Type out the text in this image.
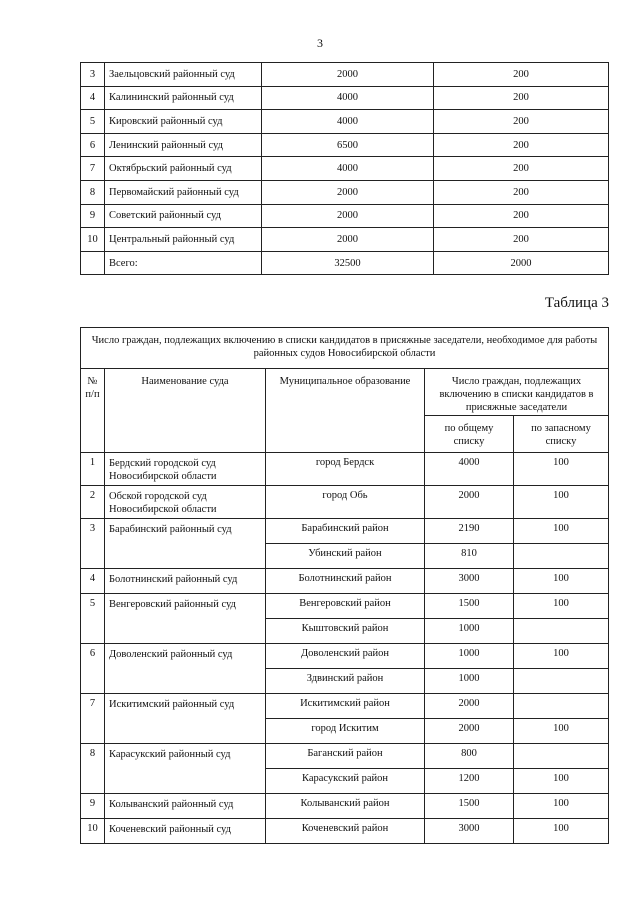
3
3	Заельцовский районный суд	2000	200
4	Калининский районный суд	4000	200
5	Кировский районный суд	4000	200
6	Ленинский районный суд	6500	200
7	Октябрьский районный суд	4000	200
8	Первомайский районный суд	2000	200
9	Советский районный суд	2000	200
10	Центральный районный суд	2000	200
	Всего:	32500	2000
Таблица 3
Число граждан, подлежащих включению в списки кандидатов в присяжные заседатели, необходимое для работы районных судов Новосибирской области				
№ п/п	Наименование суда	Муниципальное образование	Число граждан, подлежащих включению в списки кандидатов в присяжные заседатели	
			по общему списку	по запасному списку
1	Бердский городской суд Новосибирской области	город Бердск	4000	100
2	Обской городской суд Новосибирской области	город Обь	2000	100
3	Барабинский районный суд	Барабинский район	2190	100
		Убинский район	810	
4	Болотнинский районный суд	Болотнинский район	3000	100
5	Венгеровский районный суд	Венгеровский район	1500	100
		Кыштовский район	1000	
6	Доволенский районный суд	Доволенский район	1000	100
		Здвинский район	1000	
7	Искитимский районный суд	Искитимский район	2000	
		город Искитим	2000	100
8	Карасукский районный суд	Баганский район	800	
		Карасукский район	1200	100
9	Колыванский районный суд	Колыванский район	1500	100
10	Коченевский районный суд	Коченевский район	3000	100
